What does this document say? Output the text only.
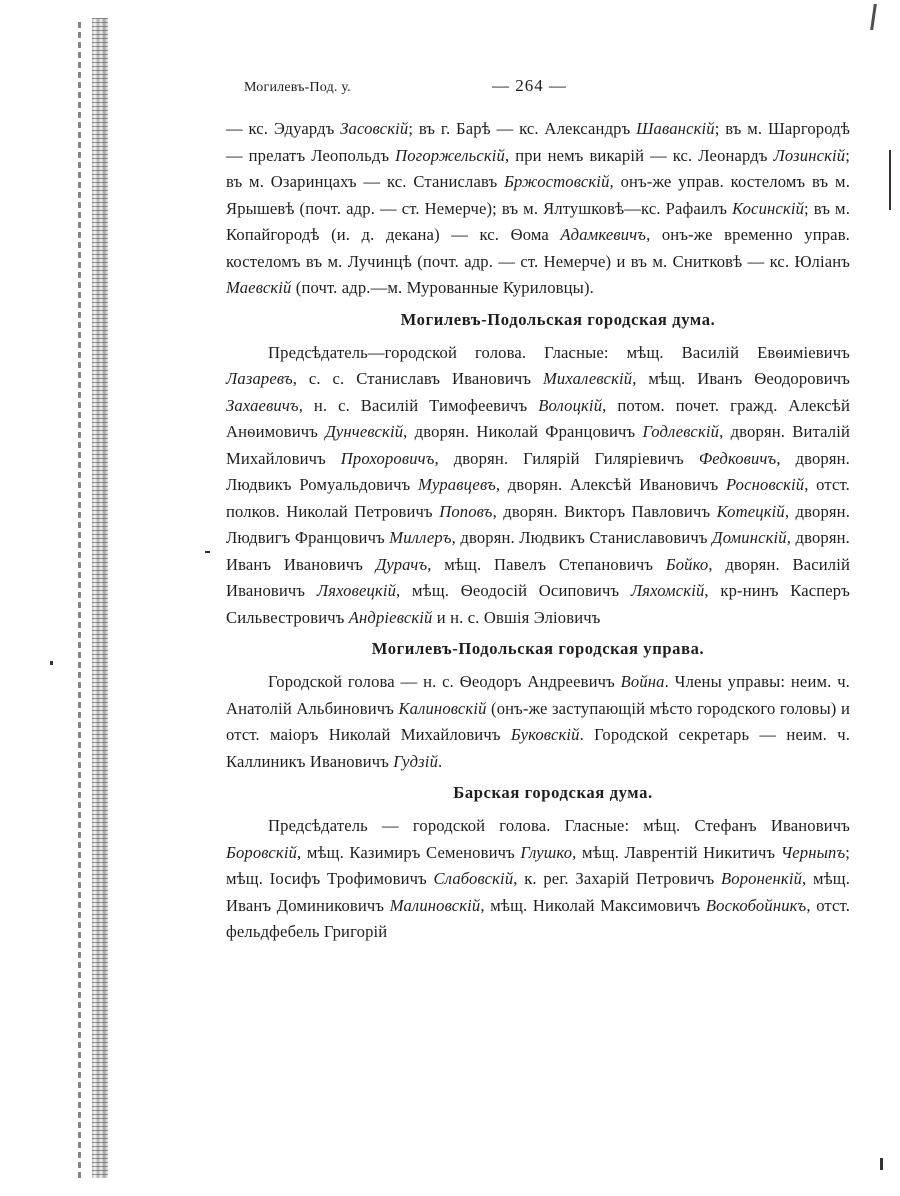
Могилевъ-Под. у.	— 264 —

— кс. Эдуардъ Засовскій; въ г. Барѣ — кс. Александръ Шаванскій; въ м. Шаргородѣ — прелатъ Леопольдъ Погоржельскій, при немъ викарій — кс. Леонардъ Лозинскій; въ м. Озаринцахъ — кс. Станиславъ Бржостовскій, онъ-же управ. костеломъ въ м. Ярышевѣ (почт. адр. — ст. Немерче); въ м. Ялтушковѣ—кс. Рафаилъ Косинскій; въ м. Копайгородѣ (и. д. декана) — кс. Ѳома Адамкевичъ, онъ-же временно управ. костеломъ въ м. Лучинцѣ (почт. адр. — ст. Немерче) и въ м. Снитковѣ — кс. Юліанъ Маевскій (почт. адр.—м. Мурованные Куриловцы).

Могилевъ-Подольская городская дума.

Предсѣдатель—городской голова. Гласные: мѣщ. Василій Евѳиміевичъ Лазаревъ, с. с. Станиславъ Ивановичъ Михалевскій, мѣщ. Иванъ Ѳеодоровичъ Захаевичъ, н. с. Василій Тимофеевичъ Волоцкій, потом. почет. гражд. Алексѣй Анѳимовичъ Дунчевскій, дворян. Николай Францовичъ Годлевскій, дворян. Виталій Михайловичъ Прохоровичъ, дворян. Гилярій Гиляріевичъ Федковичъ, дворян. Людвикъ Ромуальдовичъ Муравцевъ, дворян. Алексѣй Ивановичъ Росновскій, отст. полков. Николай Петровичъ Поповъ, дворян. Викторъ Павловичъ Котецкій, дворян. Людвигъ Францовичъ Миллеръ, дворян. Людвикъ Станиславовичъ Доминскій, дворян. Иванъ Ивановичъ Дурачъ, мѣщ. Павелъ Степановичъ Бойко, дворян. Василій Ивановичъ Ляховецкій, мѣщ. Ѳеодосій Осиповичъ Ляхомскій, кр-нинъ Касперъ Сильвестровичъ Андріевскій и н. с. Овшія Эліовичъ

Могилевъ-Подольская городская управа.

Городской голова — н. с. Ѳеодоръ Андреевичъ Война. Члены управы: неим. ч. Анатолій Альбиновичъ Калиновскій (онъ-же заступающій мѣсто городского головы) и отст. маіоръ Николай Михайловичъ Буковскій. Городской секретарь — неим. ч. Каллиникъ Ивановичъ Гудзій.

Барская городская дума.

Предсѣдатель — городской голова. Гласные: мѣщ. Стефанъ Ивановичъ Боровскій, мѣщ. Казимиръ Семеновичъ Глушко, мѣщ. Лаврентій Никитичъ Черныпъ; мѣщ. Іосифъ Трофимовичъ Слабовскій, к. рег. Захарій Петровичъ Вороненкій, мѣщ. Иванъ Доминиковичъ Малиновскій, мѣщ. Николай Максимовичъ Воскобойникъ, отст. фельдфебель Григорій
